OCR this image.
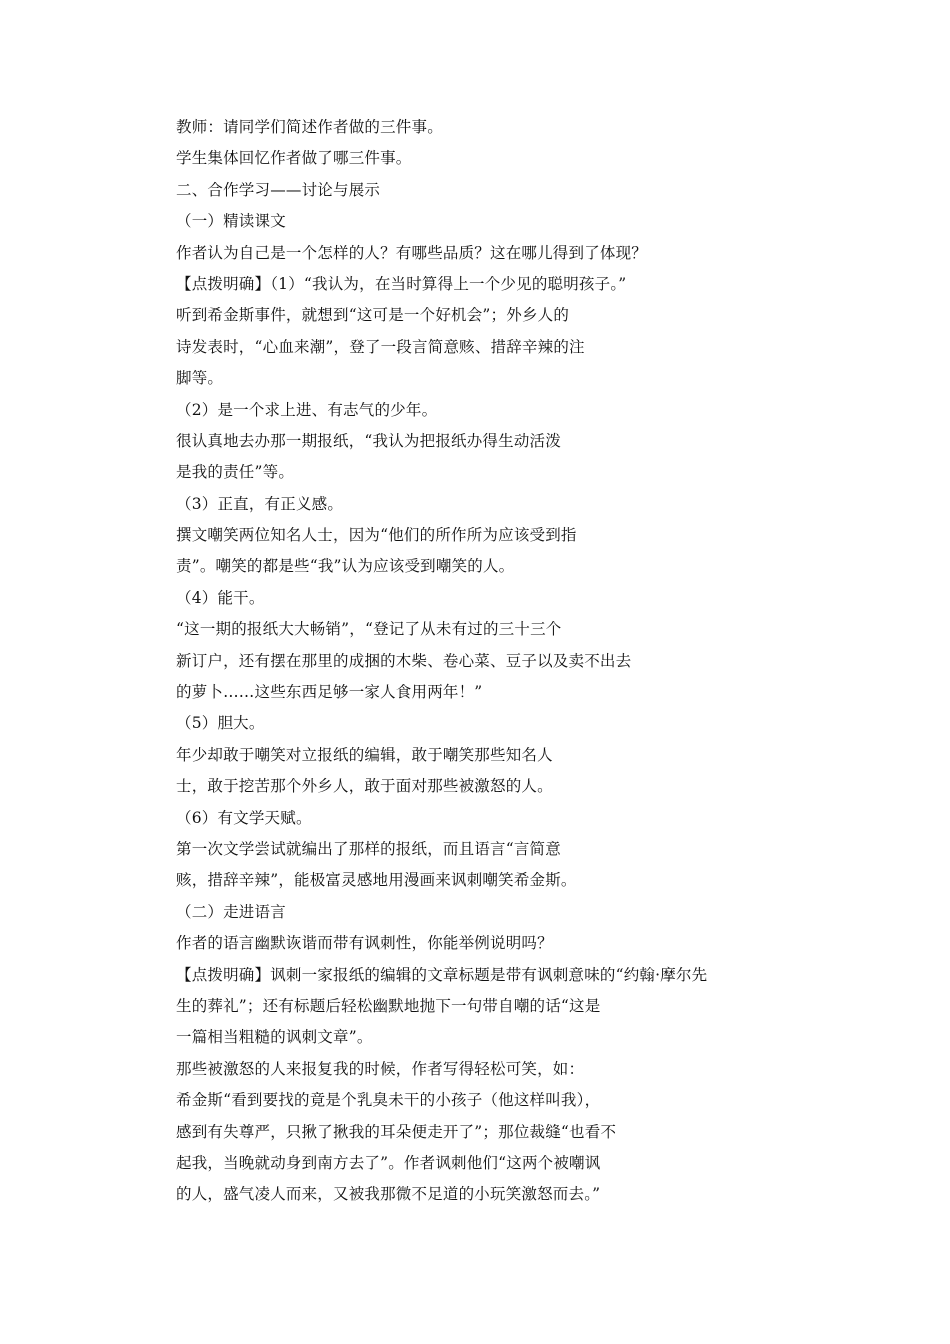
教师：请同学们简述作者做的三件事。
学生集体回忆作者做了哪三件事。
二、合作学习——讨论与展示
（一）精读课文
作者认为自己是一个怎样的人？有哪些品质？这在哪儿得到了体现？
【点拨明确】（1）“我认为，在当时算得上一个少见的聪明孩子。”
听到希金斯事件，就想到“这可是一个好机会”；外乡人的
诗发表时，“心血来潮”，登了一段言简意赅、措辞辛辣的注
脚等。
（2）是一个求上进、有志气的少年。
很认真地去办那一期报纸，“我认为把报纸办得生动活泼
是我的责任”等。
（3）正直，有正义感。
撰文嘲笑两位知名人士，因为“他们的所作所为应该受到指
责”。嘲笑的都是些“我”认为应该受到嘲笑的人。
（4）能干。
“这一期的报纸大大畅销”，“登记了从未有过的三十三个
新订户，还有摆在那里的成捆的木柴、卷心菜、豆子以及卖不出去
的萝卜……这些东西足够一家人食用两年！”
（5）胆大。
年少却敢于嘲笑对立报纸的编辑，敢于嘲笑那些知名人
士，敢于挖苦那个外乡人，敢于面对那些被激怒的人。
（6）有文学天赋。
第一次文学尝试就编出了那样的报纸，而且语言“言简意
赅，措辞辛辣”，能极富灵感地用漫画来讽刺嘲笑希金斯。
（二）走进语言
作者的语言幽默诙谐而带有讽刺性，你能举例说明吗？
【点拨明确】讽刺一家报纸的编辑的文章标题是带有讽刺意味的“约翰·摩尔先
生的葬礼”；还有标题后轻松幽默地抛下一句带自嘲的话“这是
一篇相当粗糙的讽刺文章”。
那些被激怒的人来报复我的时候，作者写得轻松可笑，如：
希金斯“看到要找的竟是个乳臭未干的小孩子（他这样叫我），
感到有失尊严，只揪了揪我的耳朵便走开了”；那位裁缝“也看不
起我，当晚就动身到南方去了”。作者讽刺他们“这两个被嘲讽
的人，盛气凌人而来，又被我那微不足道的小玩笑激怒而去。”
